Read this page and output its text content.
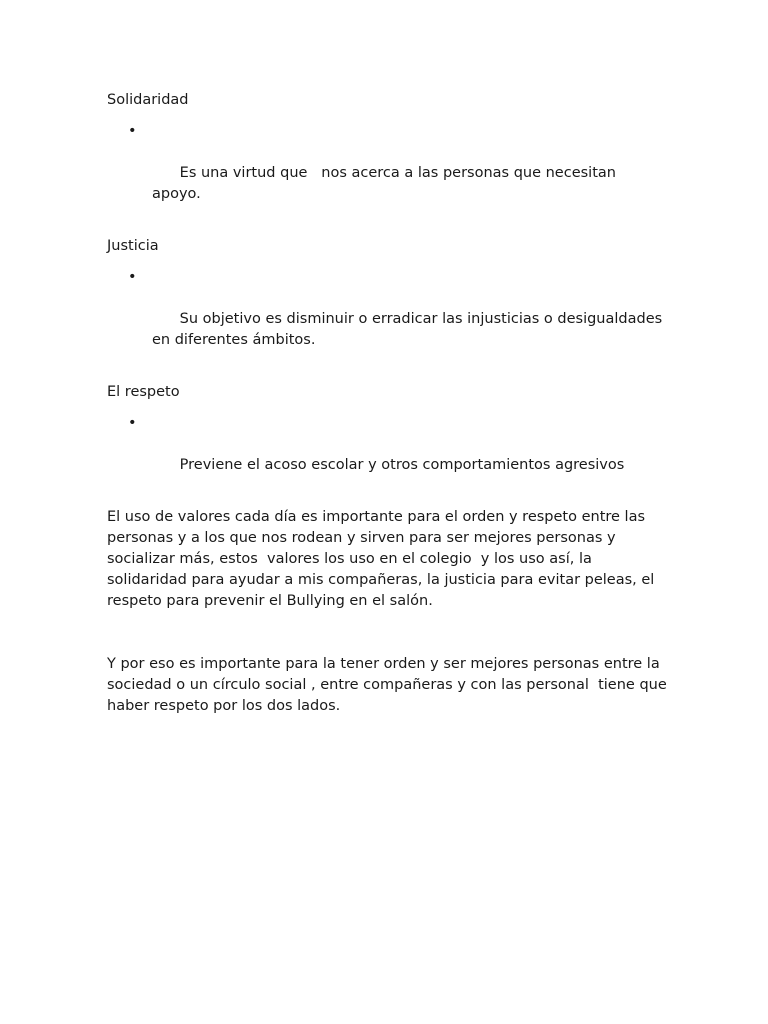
Solidaridad

•

Es una virtud que   nos acerca a las personas que necesitan apoyo.

Justicia

•

Su objetivo es disminuir o erradicar las injusticias o desigualdades en diferentes ámbitos.

El respeto

•

Previene el acoso escolar y otros comportamientos agresivos

El uso de valores cada día es importante para el orden y respeto entre las personas y a los que nos rodean y sirven para ser mejores personas y socializar más, estos  valores los uso en el colegio  y los uso así, la solidaridad para ayudar a mis compañeras, la justicia para evitar peleas, el respeto para prevenir el Bullying en el salón.

Y por eso es importante para la tener orden y ser mejores personas entre la sociedad o un círculo social , entre compañeras y con las personal  tiene que haber respeto por los dos lados.
